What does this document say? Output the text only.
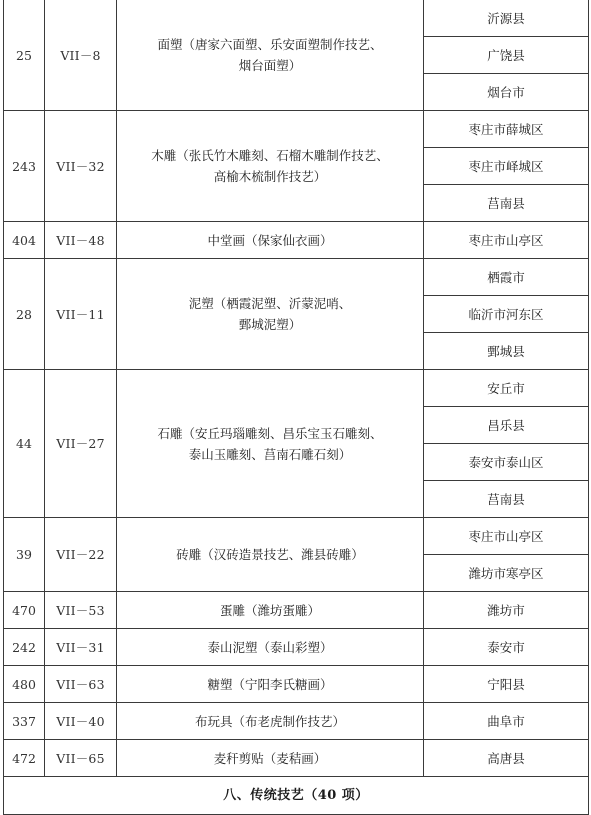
25	VII－8	面塑（唐家六面塑、乐安面塑制作技艺、
烟台面塑）	沂源县
			广饶县
			烟台市
243	VII－32	木雕（张氏竹木雕刻、石榴木雕制作技艺、
高榆木梳制作技艺）	枣庄市薛城区
			枣庄市峄城区
			莒南县
404	VII－48	中堂画（保家仙衣画）	枣庄市山亭区
28	VII－11	泥塑（栖霞泥塑、沂蒙泥哨、
鄄城泥塑）	栖霞市
			临沂市河东区
			鄄城县
44	VII－27	石雕（安丘玛瑙雕刻、昌乐宝玉石雕刻、
泰山玉雕刻、莒南石雕石刻）	安丘市
			昌乐县
			泰安市泰山区
			莒南县
39	VII－22	砖雕（汉砖造景技艺、潍县砖雕）	枣庄市山亭区
			潍坊市寒亭区
470	VII－53	蛋雕（潍坊蛋雕）	潍坊市
242	VII－31	泰山泥塑（泰山彩塑）	泰安市
480	VII－63	糖塑（宁阳李氏糖画）	宁阳县
337	VII－40	布玩具（布老虎制作技艺）	曲阜市
472	VII－65	麦秆剪贴（麦秸画）	高唐县
八、传统技艺（40 项）			
